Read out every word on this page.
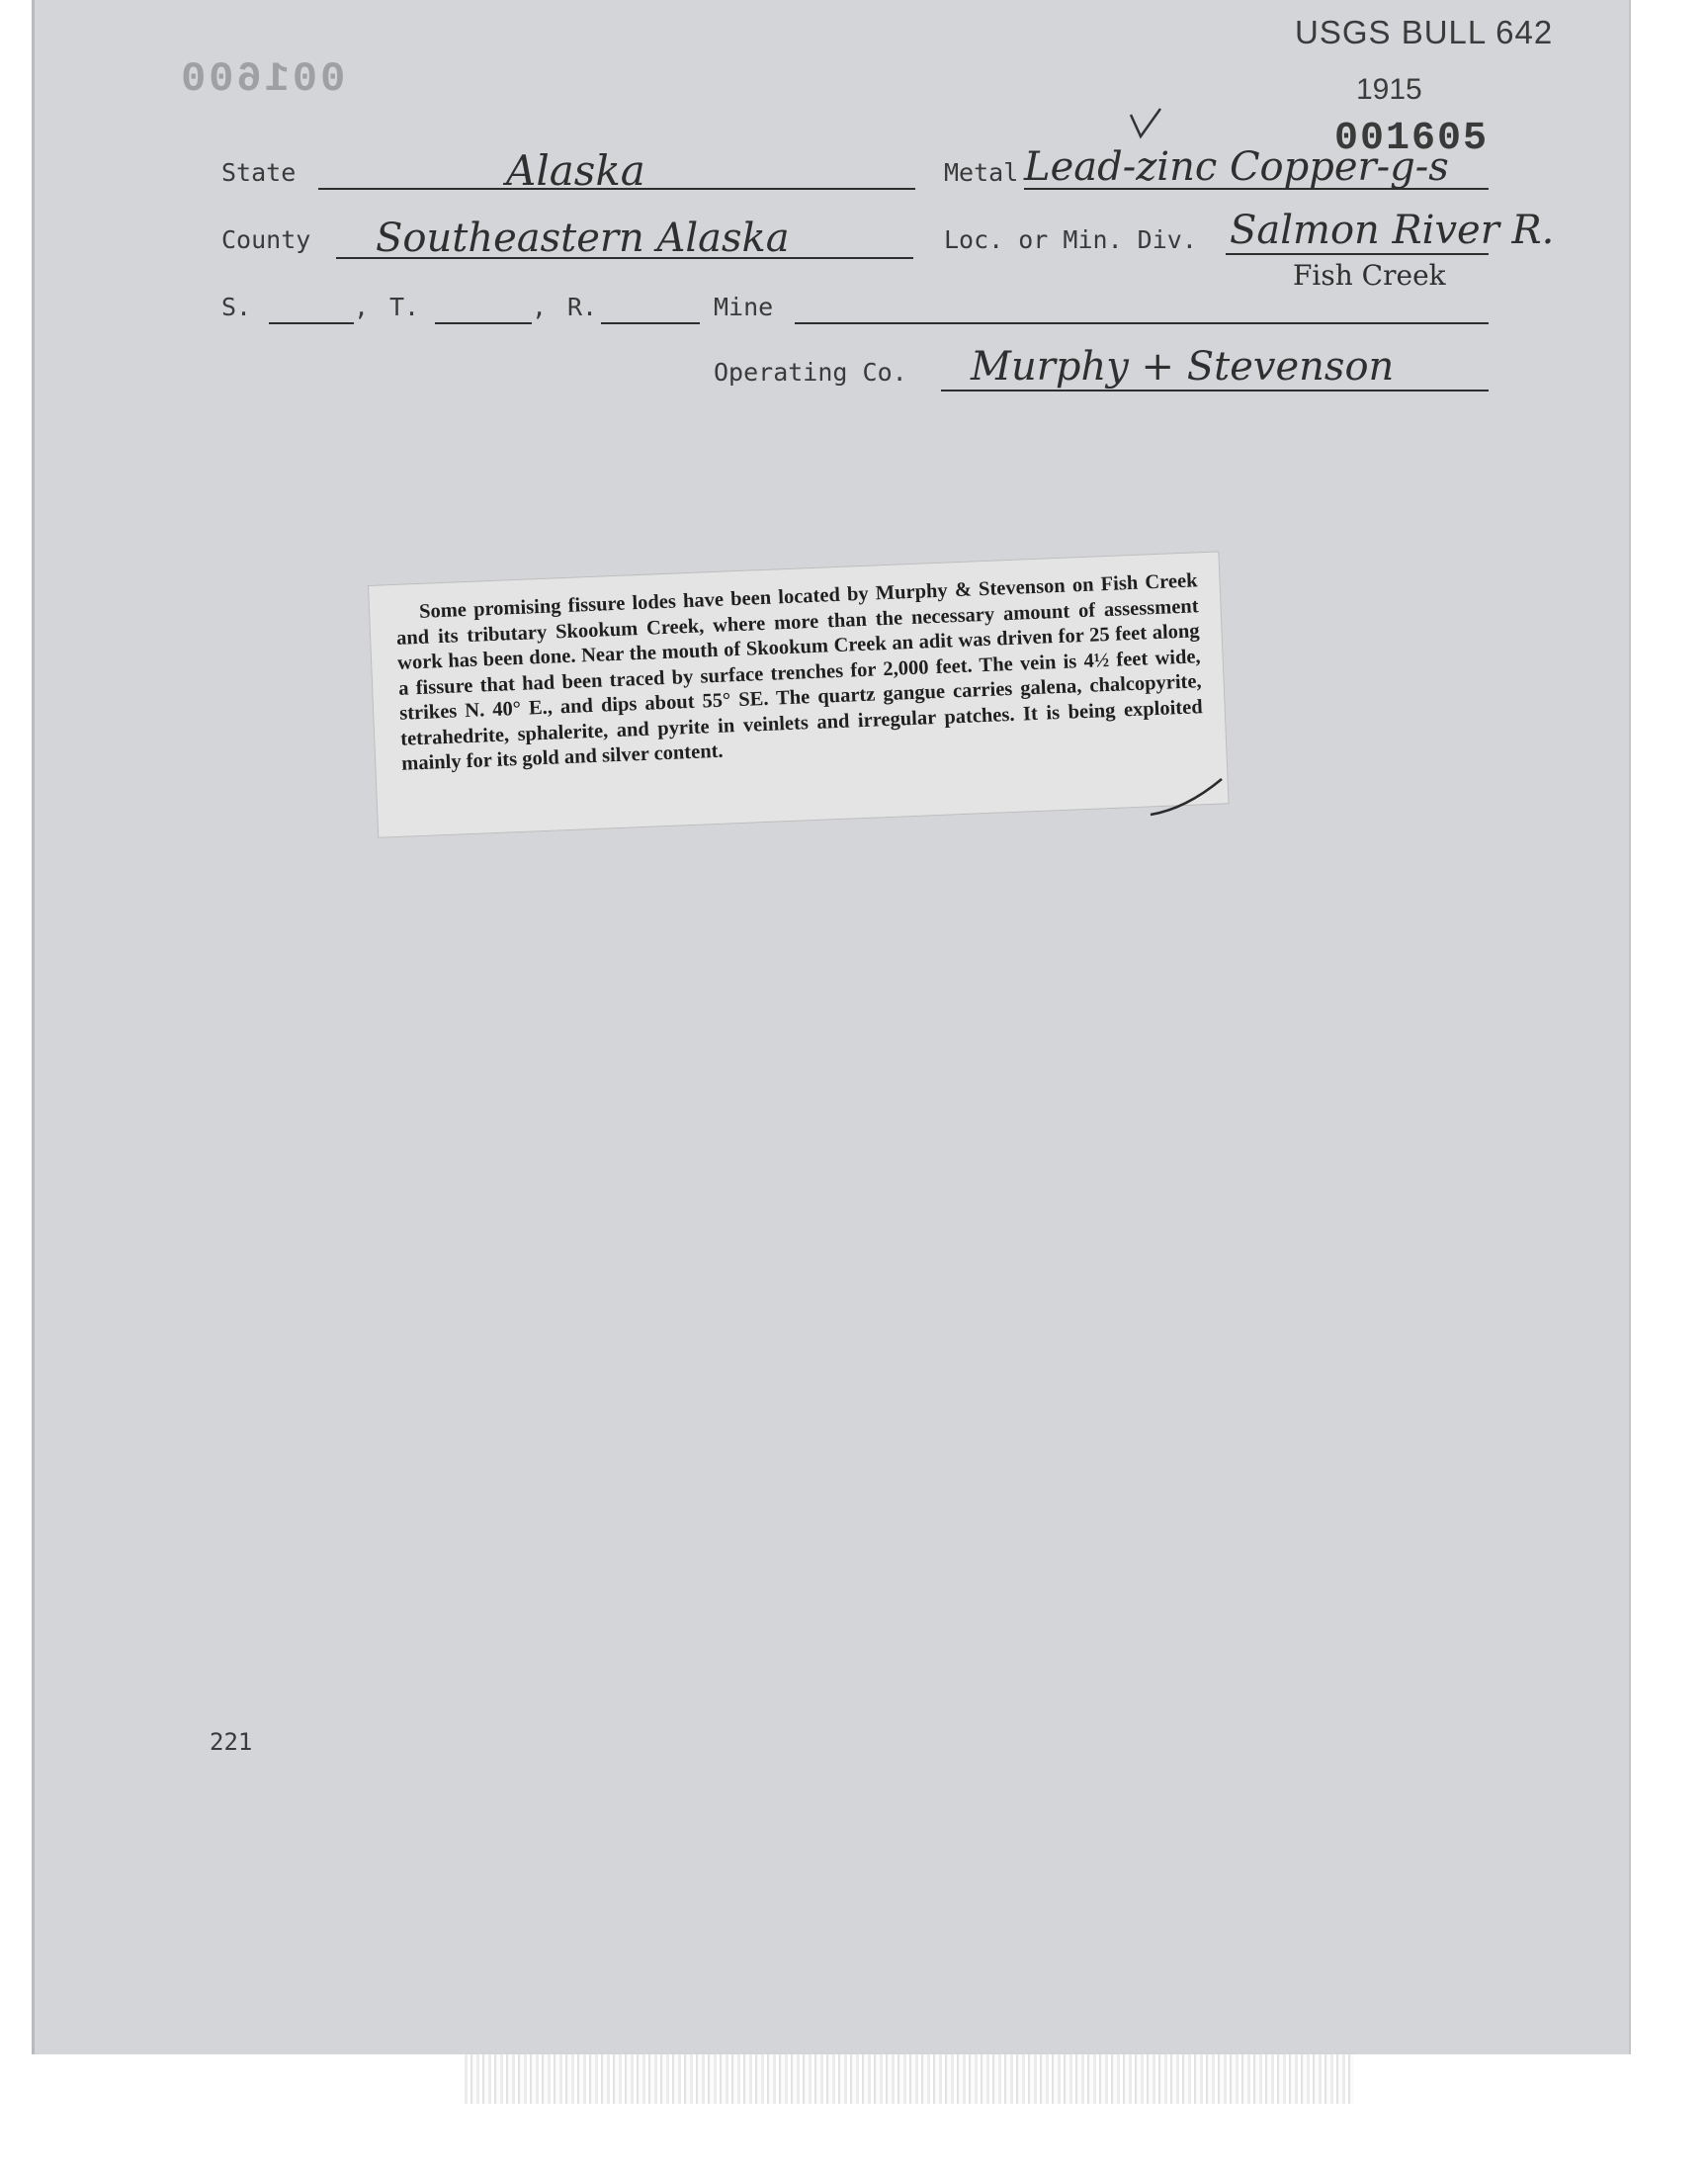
USGS BULL 642
1915
001605
001600
State	Alaska	Metal Lead-zinc Copper-g-s
County Southeastern Alaska	Loc. or Min. Div. Salmon River R.
Fish Creek
S.	, T.	, R.	Mine
Operating Co. Murphy + Stevenson

Some promising fissure lodes have been located by Murphy & Stevenson on Fish Creek and its tributary Skookum Creek, where more than the necessary amount of assessment work has been done. Near the mouth of Skookum Creek an adit was driven for 25 feet along a fissure that had been traced by surface trenches for 2,000 feet. The vein is 4½ feet wide, strikes N. 40° E., and dips about 55° SE. The quartz gangue carries galena, chalcopyrite, tetrahedrite, sphalerite, and pyrite in veinlets and irregular patches. It is being exploited mainly for its gold and silver content.

221
